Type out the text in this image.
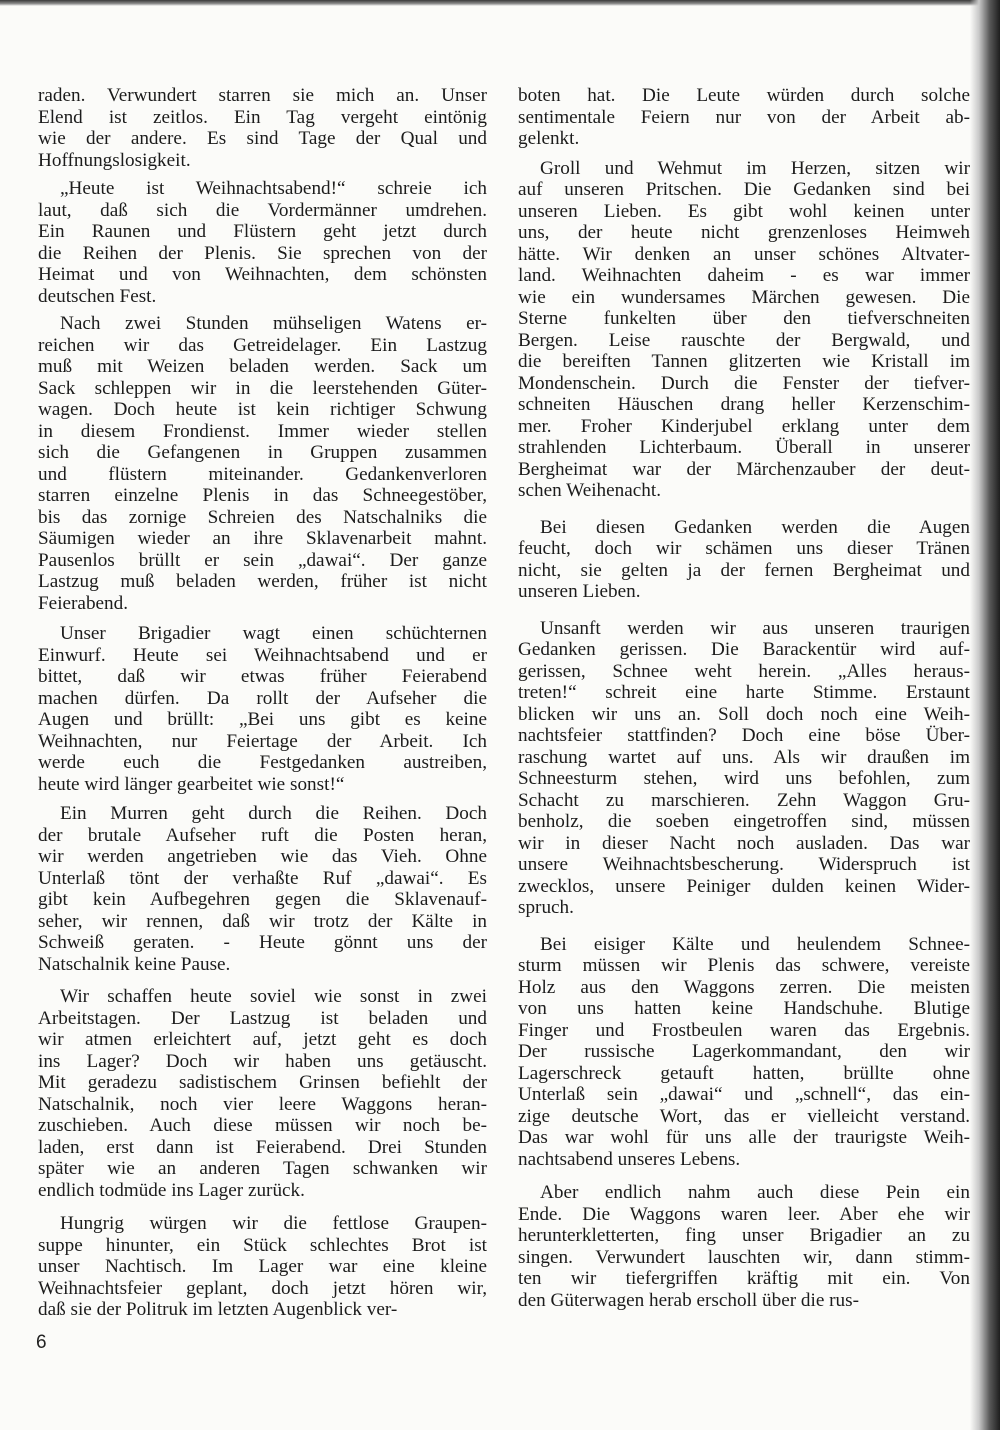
raden. Verwundert starren sie mich an. Unser
Elend ist zeitlos. Ein Tag vergeht eintönig
wie der andere. Es sind Tage der Qual und
Hoffnungslosigkeit.
„Heute ist Weihnachtsabend!“ schreie ich
laut, daß sich die Vordermänner umdrehen.
Ein Raunen und Flüstern geht jetzt durch
die Reihen der Plenis. Sie sprechen von der
Heimat und von Weihnachten, dem schönsten
deutschen Fest.
Nach zwei Stunden mühseligen Watens er-
reichen wir das Getreidelager. Ein Lastzug
muß mit Weizen beladen werden. Sack um
Sack schleppen wir in die leerstehenden Güter-
wagen. Doch heute ist kein richtiger Schwung
in diesem Frondienst. Immer wieder stellen
sich die Gefangenen in Gruppen zusammen
und flüstern miteinander. Gedankenverloren
starren einzelne Plenis in das Schneegestöber,
bis das zornige Schreien des Natschalniks die
Säumigen wieder an ihre Sklavenarbeit mahnt.
Pausenlos brüllt er sein „dawai“. Der ganze
Lastzug muß beladen werden, früher ist nicht
Feierabend.
Unser Brigadier wagt einen schüchternen
Einwurf. Heute sei Weihnachtsabend und er
bittet, daß wir etwas früher Feierabend
machen dürfen. Da rollt der Aufseher die
Augen und brüllt: „Bei uns gibt es keine
Weihnachten, nur Feiertage der Arbeit. Ich
werde euch die Festgedanken austreiben,
heute wird länger gearbeitet wie sonst!“
Ein Murren geht durch die Reihen. Doch
der brutale Aufseher ruft die Posten heran,
wir werden angetrieben wie das Vieh. Ohne
Unterlaß tönt der verhaßte Ruf „dawai“. Es
gibt kein Aufbegehren gegen die Sklavenauf-
seher, wir rennen, daß wir trotz der Kälte in
Schweiß geraten. - Heute gönnt uns der
Natschalnik keine Pause.
Wir schaffen heute soviel wie sonst in zwei
Arbeitstagen. Der Lastzug ist beladen und
wir atmen erleichtert auf, jetzt geht es doch
ins Lager? Doch wir haben uns getäuscht.
Mit geradezu sadistischem Grinsen befiehlt der
Natschalnik, noch vier leere Waggons heran-
zuschieben. Auch diese müssen wir noch be-
laden, erst dann ist Feierabend. Drei Stunden
später wie an anderen Tagen schwanken wir
endlich todmüde ins Lager zurück.
Hungrig würgen wir die fettlose Graupen-
suppe hinunter, ein Stück schlechtes Brot ist
unser Nachtisch. Im Lager war eine kleine
Weihnachtsfeier geplant, doch jetzt hören wir,
daß sie der Politruk im letzten Augenblick ver-
boten hat. Die Leute würden durch solche
sentimentale Feiern nur von der Arbeit ab-
gelenkt.
Groll und Wehmut im Herzen, sitzen wir
auf unseren Pritschen. Die Gedanken sind bei
unseren Lieben. Es gibt wohl keinen unter
uns, der heute nicht grenzenloses Heimweh
hätte. Wir denken an unser schönes Altvater-
land. Weihnachten daheim - es war immer
wie ein wundersames Märchen gewesen. Die
Sterne funkelten über den tiefverschneiten
Bergen. Leise rauschte der Bergwald, und
die bereiften Tannen glitzerten wie Kristall im
Mondenschein. Durch die Fenster der tiefver-
schneiten Häuschen drang heller Kerzenschim-
mer. Froher Kinderjubel erklang unter dem
strahlenden Lichterbaum. Überall in unserer
Bergheimat war der Märchenzauber der deut-
schen Weihenacht.
Bei diesen Gedanken werden die Augen
feucht, doch wir schämen uns dieser Tränen
nicht, sie gelten ja der fernen Bergheimat und
unseren Lieben.
Unsanft werden wir aus unseren traurigen
Gedanken gerissen. Die Barackentür wird auf-
gerissen, Schnee weht herein. „Alles heraus-
treten!“ schreit eine harte Stimme. Erstaunt
blicken wir uns an. Soll doch noch eine Weih-
nachtsfeier stattfinden? Doch eine böse Über-
raschung wartet auf uns. Als wir draußen im
Schneesturm stehen, wird uns befohlen, zum
Schacht zu marschieren. Zehn Waggon Gru-
benholz, die soeben eingetroffen sind, müssen
wir in dieser Nacht noch ausladen. Das war
unsere Weihnachtsbescherung. Widerspruch ist
zwecklos, unsere Peiniger dulden keinen Wider-
spruch.
Bei eisiger Kälte und heulendem Schnee-
sturm müssen wir Plenis das schwere, vereiste
Holz aus den Waggons zerren. Die meisten
von uns hatten keine Handschuhe. Blutige
Finger und Frostbeulen waren das Ergebnis.
Der russische Lagerkommandant, den wir
Lagerschreck getauft hatten, brüllte ohne
Unterlaß sein „dawai“ und „schnell“, das ein-
zige deutsche Wort, das er vielleicht verstand.
Das war wohl für uns alle der traurigste Weih-
nachtsabend unseres Lebens.
Aber endlich nahm auch diese Pein ein
Ende. Die Waggons waren leer. Aber ehe wir
herunterkletterten, fing unser Brigadier an zu
singen. Verwundert lauschten wir, dann stimm-
ten wir tiefergriffen kräftig mit ein. Von
den Güterwagen herab erscholl über die rus-
6
